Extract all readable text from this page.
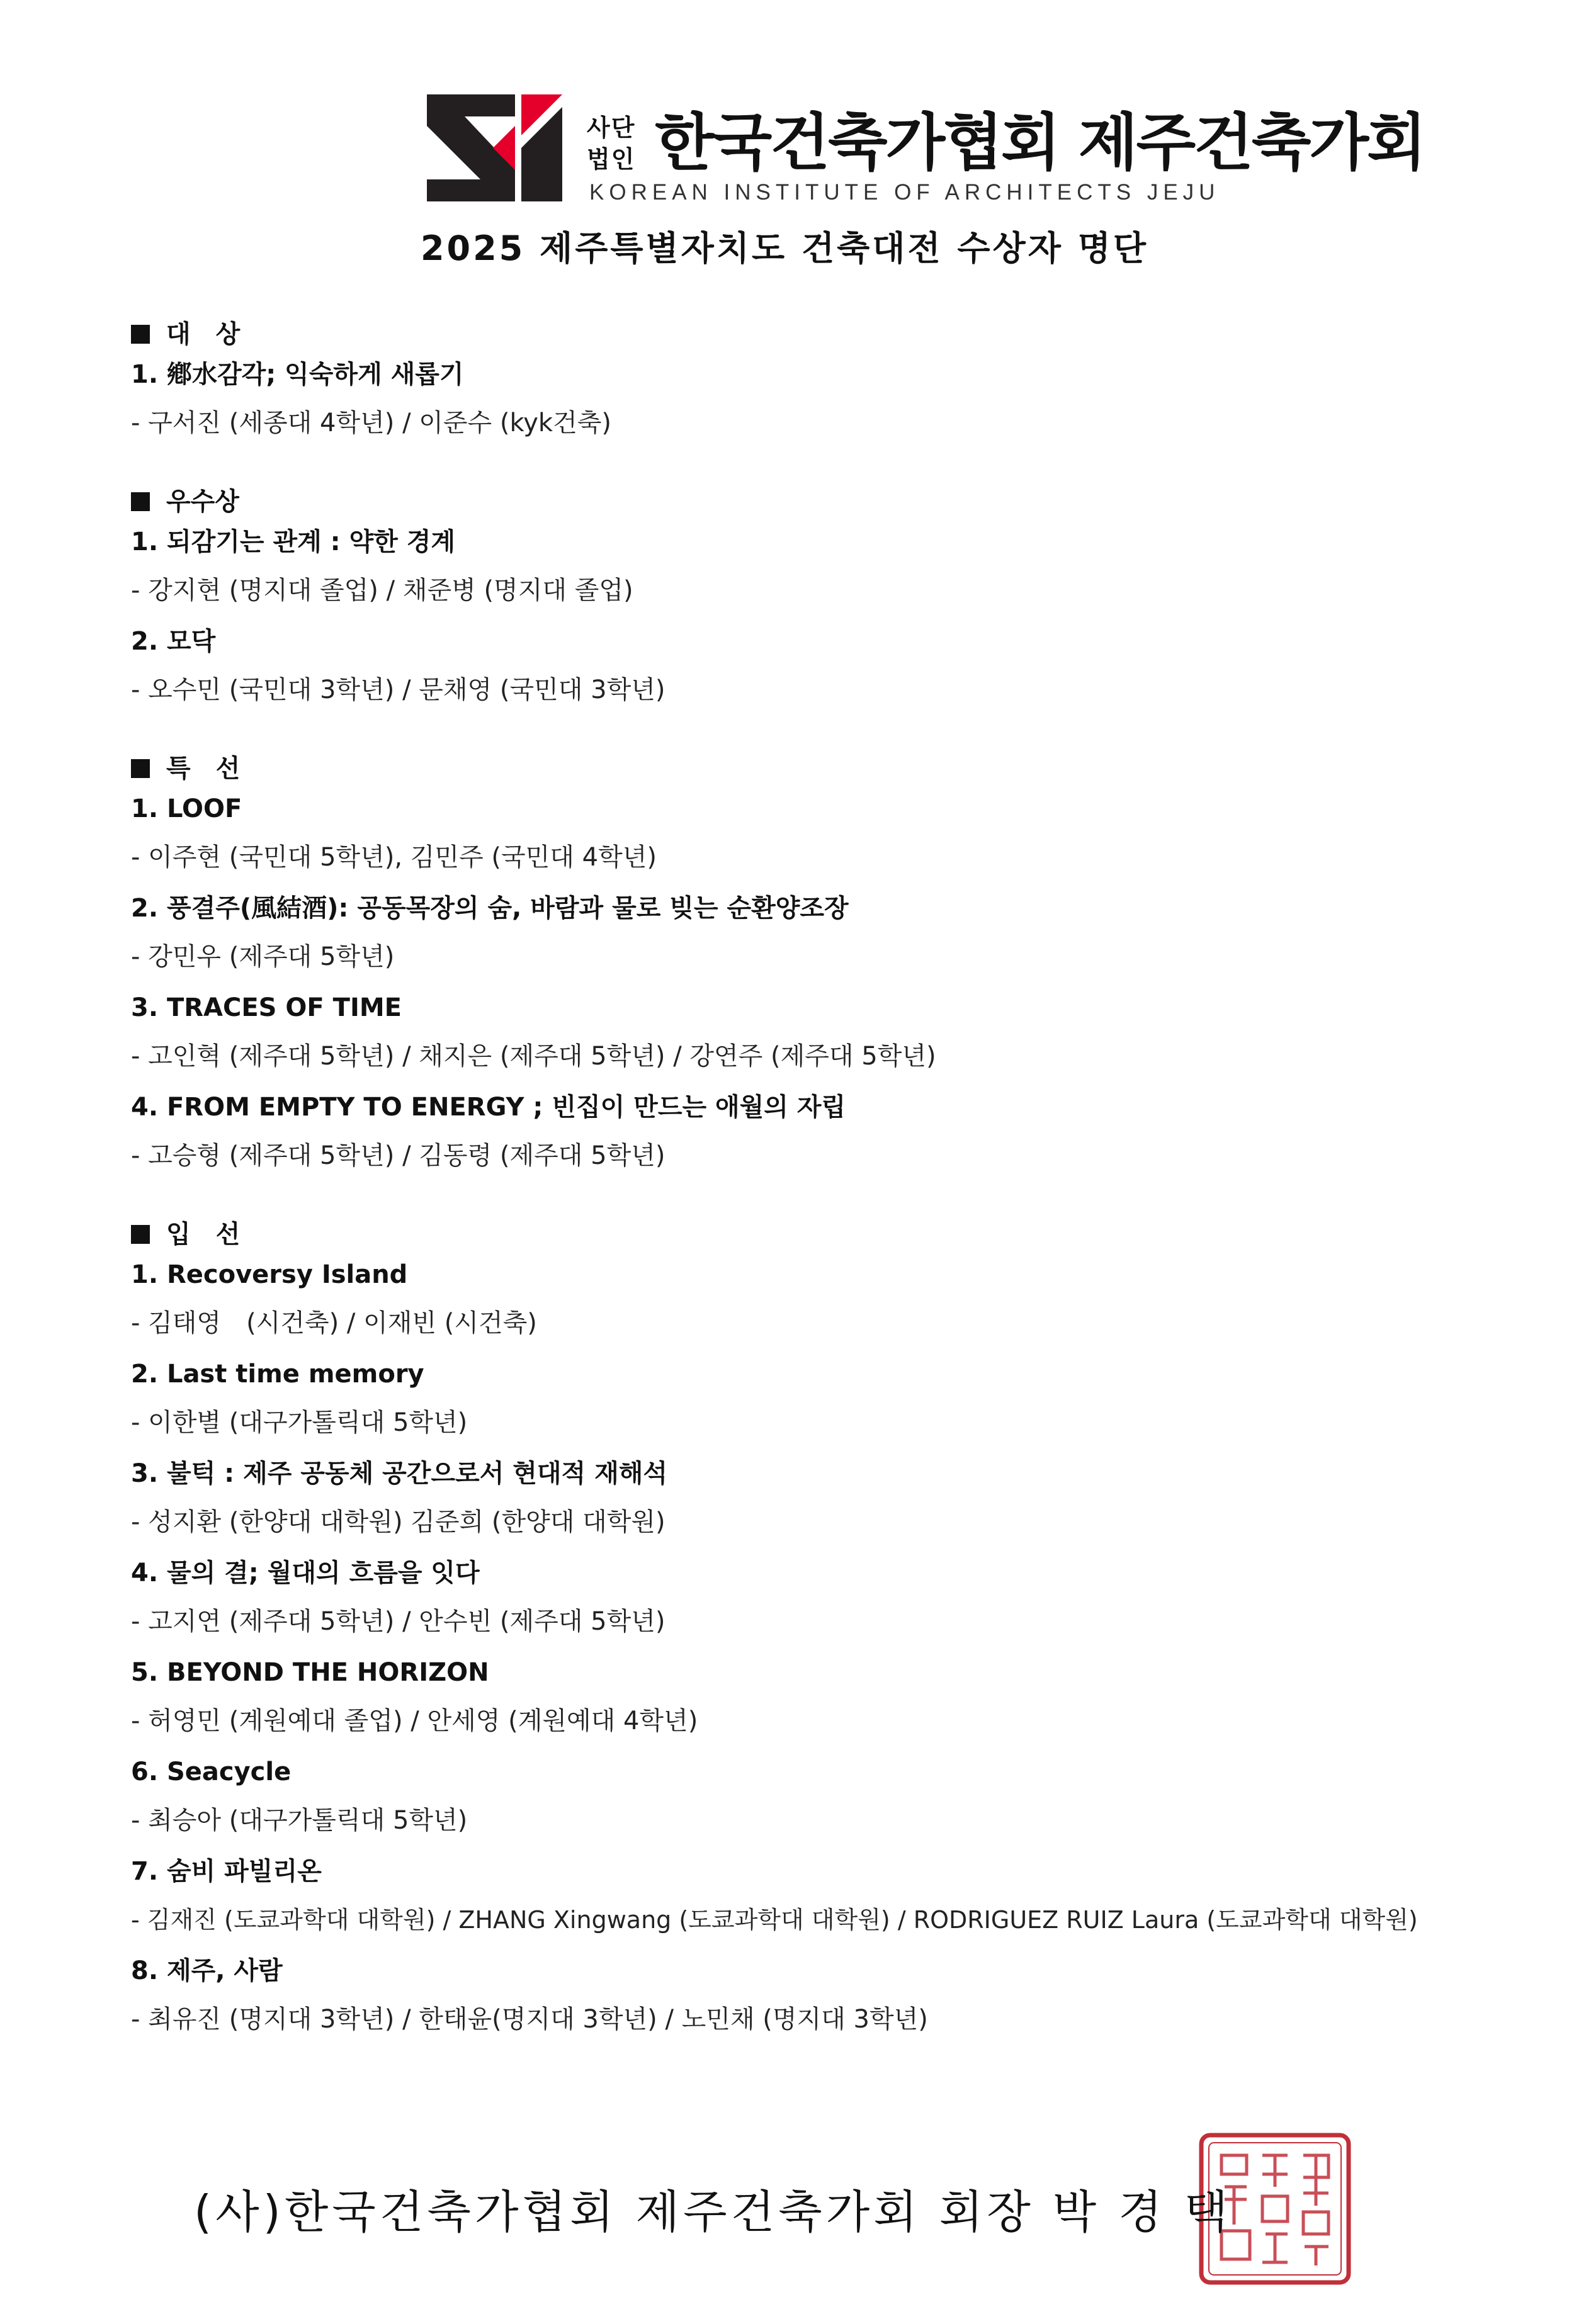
사단법인 한국건축가협회 제주건축가회
KOREAN INSTITUTE OF ARCHITECTS JEJU
2025 제주특별자치도 건축대전 수상자 명단
대　상
1. 鄕水감각; 익숙하게 새롭기
- 구서진 (세종대 4학년) / 이준수 (kyk건축)
우수상
1. 되감기는 관계 : 약한 경계
- 강지현 (명지대 졸업) / 채준병 (명지대 졸업)
2. 모닥
- 오수민 (국민대 3학년) / 문채영 (국민대 3학년)
특　선
1. LOOF
- 이주현 (국민대 5학년), 김민주 (국민대 4학년)
2. 풍결주(風結酒): 공동목장의 숨, 바람과 물로 빚는 순환양조장
- 강민우 (제주대 5학년)
3. TRACES OF TIME
- 고인혁 (제주대 5학년) / 채지은 (제주대 5학년) / 강연주 (제주대 5학년)
4. FROM EMPTY TO ENERGY ; 빈집이 만드는 애월의 자립
- 고승형 (제주대 5학년) / 김동령 (제주대 5학년)
입　선
1. Recoversy Island
- 김태영　(시건축) / 이재빈 (시건축)
2. Last time memory
- 이한별 (대구가톨릭대 5학년)
3. 불턱 : 제주 공동체 공간으로서 현대적 재해석
- 성지환 (한양대 대학원) 김준희 (한양대 대학원)
4. 물의 결; 월대의 흐름을 잇다
- 고지연 (제주대 5학년) / 안수빈 (제주대 5학년)
5. BEYOND THE HORIZON
- 허영민 (계원예대 졸업) / 안세영 (계원예대 4학년)
6. Seacycle
- 최승아 (대구가톨릭대 5학년)
7. 숨비 파빌리온
- 김재진 (도쿄과학대 대학원) / ZHANG Xingwang (도쿄과학대 대학원) / RODRIGUEZ RUIZ Laura (도쿄과학대 대학원)
8. 제주, 사람
- 최유진 (명지대 3학년) / 한태윤(명지대 3학년) / 노민채 (명지대 3학년)
(사)한국건축가협회 제주건축가회 회장 박 경 택
